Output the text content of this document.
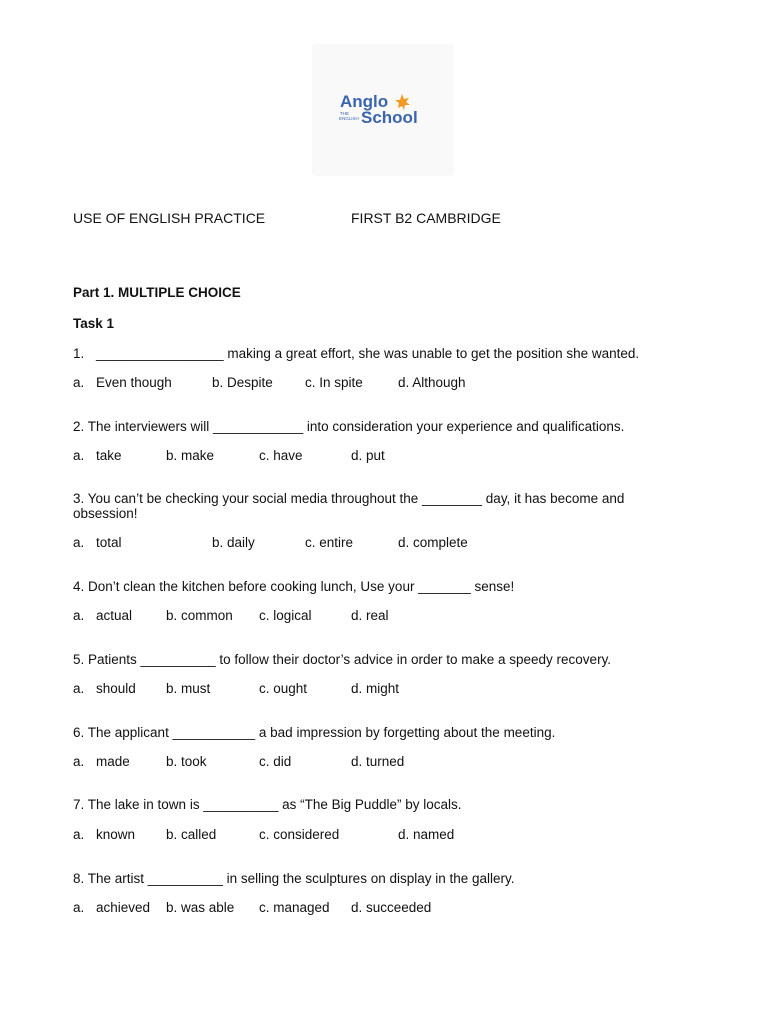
Anglo
THE
ENGLISH School
USE OF ENGLISH PRACTICE	FIRST B2 CAMBRIDGE
Part 1. MULTIPLE CHOICE
Task 1
1. _________________ making a great effort, she was unable to get the position she wanted.
a. Even though	b. Despite c. In spite	d. Although
2. The interviewers will ____________ into consideration your experience and qualifications.
a. take	b. make	c. have	d. put
3. You can’t be checking your social media throughout the ________ day, it has become and obsession!
a. total	b. daily	c. entire	d. complete
4. Don’t clean the kitchen before cooking lunch, Use your _______ sense!
a. actual	b. common c. logical	d. real
5. Patients __________ to follow their doctor’s advice in order to make a speedy recovery.
a. should b. must	c. ought	d. might
6. The applicant ___________ a bad impression by forgetting about the meeting.
a. made	b. took	c. did	d. turned
7. The lake in town is __________ as “The Big Puddle” by locals.
a. known b. called	c. considered	d. named
8. The artist __________ in selling the sculptures on display in the gallery.
a. achieved b. was able c. managed d. succeeded
